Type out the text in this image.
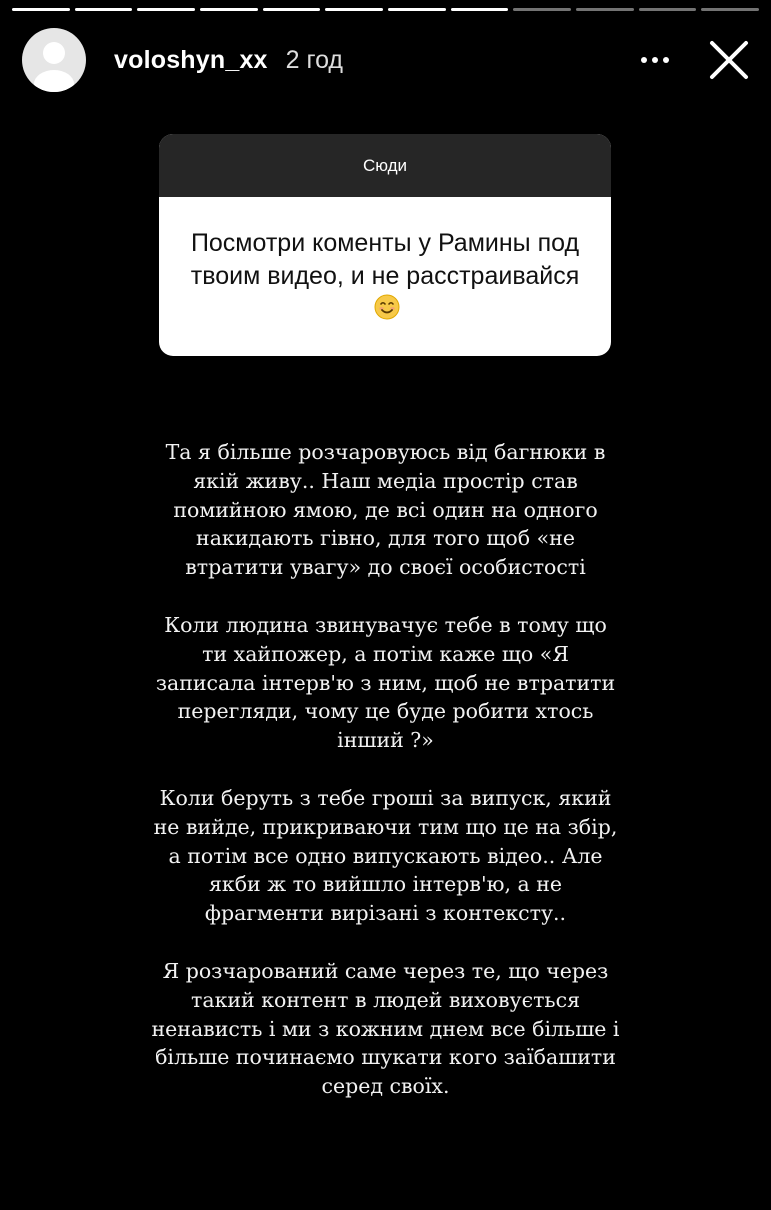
voloshyn_xx 2 год
Сюди
Посмотри коменты у Рамины под твоим видео, и не расстраивайся

Та я більше розчаровуюсь від багнюки в якій живу.. Наш медіа простір став помийною ямою, де всі один на одного накидають гівно, для того щоб «не втратити увагу» до своєї особистості

Коли людина звинувачує тебе в тому що ти хайпожер, а потім каже що «Я записала інтерв'ю з ним, щоб не втратити перегляди, чому це буде робити хтось інший ?»

Коли беруть з тебе гроші за випуск, який не вийде, прикриваючи тим що це на збір, а потім все одно випускають відео.. Але якби ж то вийшло інтерв'ю, а не фрагменти вирізані з контексту..

Я розчарований саме через те, що через такий контент в людей виховується ненависть і ми з кожним днем все більше і більше починаємо шукати кого заїбашити серед своїх.
